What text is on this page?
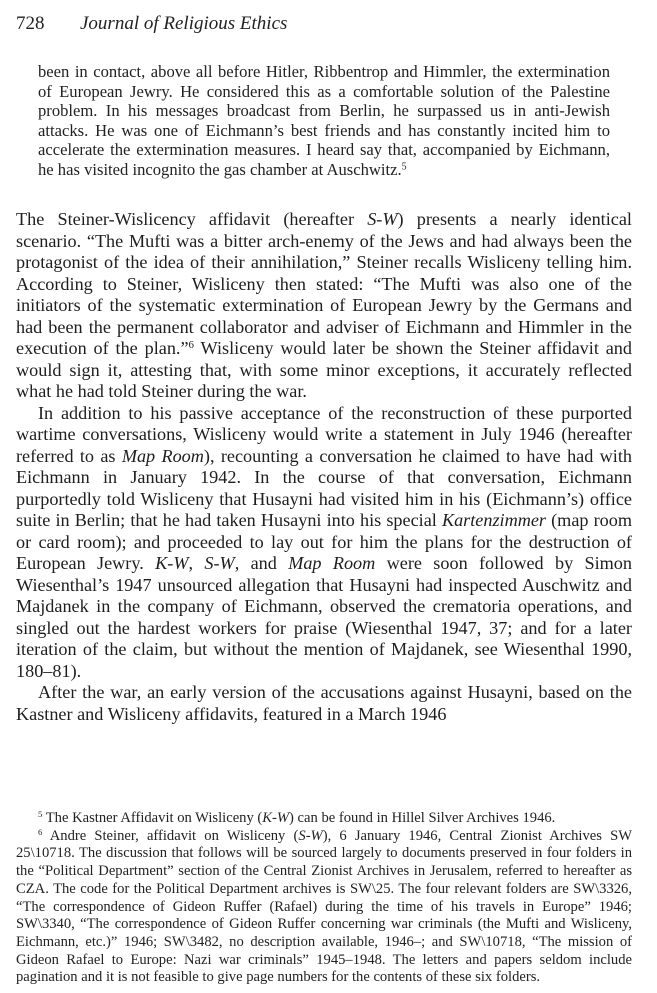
728 Journal of Religious Ethics
been in contact, above all before Hitler, Ribbentrop and Himmler, the extermination of European Jewry. He considered this as a comfortable solution of the Palestine problem. In his messages broadcast from Berlin, he surpassed us in anti-Jewish attacks. He was one of Eichmann’s best friends and has constantly incited him to accelerate the extermination measures. I heard say that, accompanied by Eichmann, he has visited incognito the gas chamber at Auschwitz.$^5$

The Steiner-Wislicency affidavit (hereafter S-W) presents a nearly identical scenario. “The Mufti was a bitter arch-enemy of the Jews and had always been the protagonist of the idea of their annihilation,” Steiner recalls Wisliceny telling him. According to Steiner, Wisliceny then stated: “The Mufti was also one of the initiators of the systematic extermination of European Jewry by the Germans and had been the permanent collaborator and adviser of Eichmann and Himmler in the execution of the plan.”$^6$ Wisliceny would later be shown the Steiner affidavit and would sign it, attesting that, with some minor exceptions, it accurately reflected what he had told Steiner during the war.

In addition to his passive acceptance of the reconstruction of these purported wartime conversations, Wisliceny would write a statement in July 1946 (hereafter referred to as Map Room), recounting a conversation he claimed to have had with Eichmann in January 1942. In the course of that conversation, Eichmann purportedly told Wisliceny that Husayni had visited him in his (Eichmann’s) office suite in Berlin; that he had taken Husayni into his special Kartenzimmer (map room or card room); and proceeded to lay out for him the plans for the destruction of European Jewry. K-W, S-W, and Map Room were soon followed by Simon Wiesenthal’s 1947 unsourced allegation that Husayni had inspected Auschwitz and Majdanek in the company of Eichmann, observed the crematoria operations, and singled out the hardest workers for praise (Wiesenthal 1947, 37; and for a later iteration of the claim, but without the mention of Majdanek, see Wiesenthal 1990, 180–81).

After the war, an early version of the accusations against Husayni, based on the Kastner and Wisliceny affidavits, featured in a March 1946

$^5$ The Kastner Affidavit on Wisliceny (K-W) can be found in Hillel Silver Archives 1946.

$^6$ Andre Steiner, affidavit on Wisliceny (S-W), 6 January 1946, Central Zionist Archives SW 25\10718. The discussion that follows will be sourced largely to documents preserved in four folders in the “Political Department” section of the Central Zionist Archives in Jerusalem, referred to hereafter as CZA. The code for the Political Department archives is SW\25. The four relevant folders are SW\3326, “The correspondence of Gideon Ruffer (Rafael) during the time of his travels in Europe” 1946; SW\3340, “The correspondence of Gideon Ruffer concerning war criminals (the Mufti and Wisliceny, Eichmann, etc.)” 1946; SW\3482, no description available, 1946–; and SW\10718, “The mission of Gideon Rafael to Europe: Nazi war criminals” 1945–1948. The letters and papers seldom include pagination and it is not feasible to give page numbers for the contents of these six folders.
